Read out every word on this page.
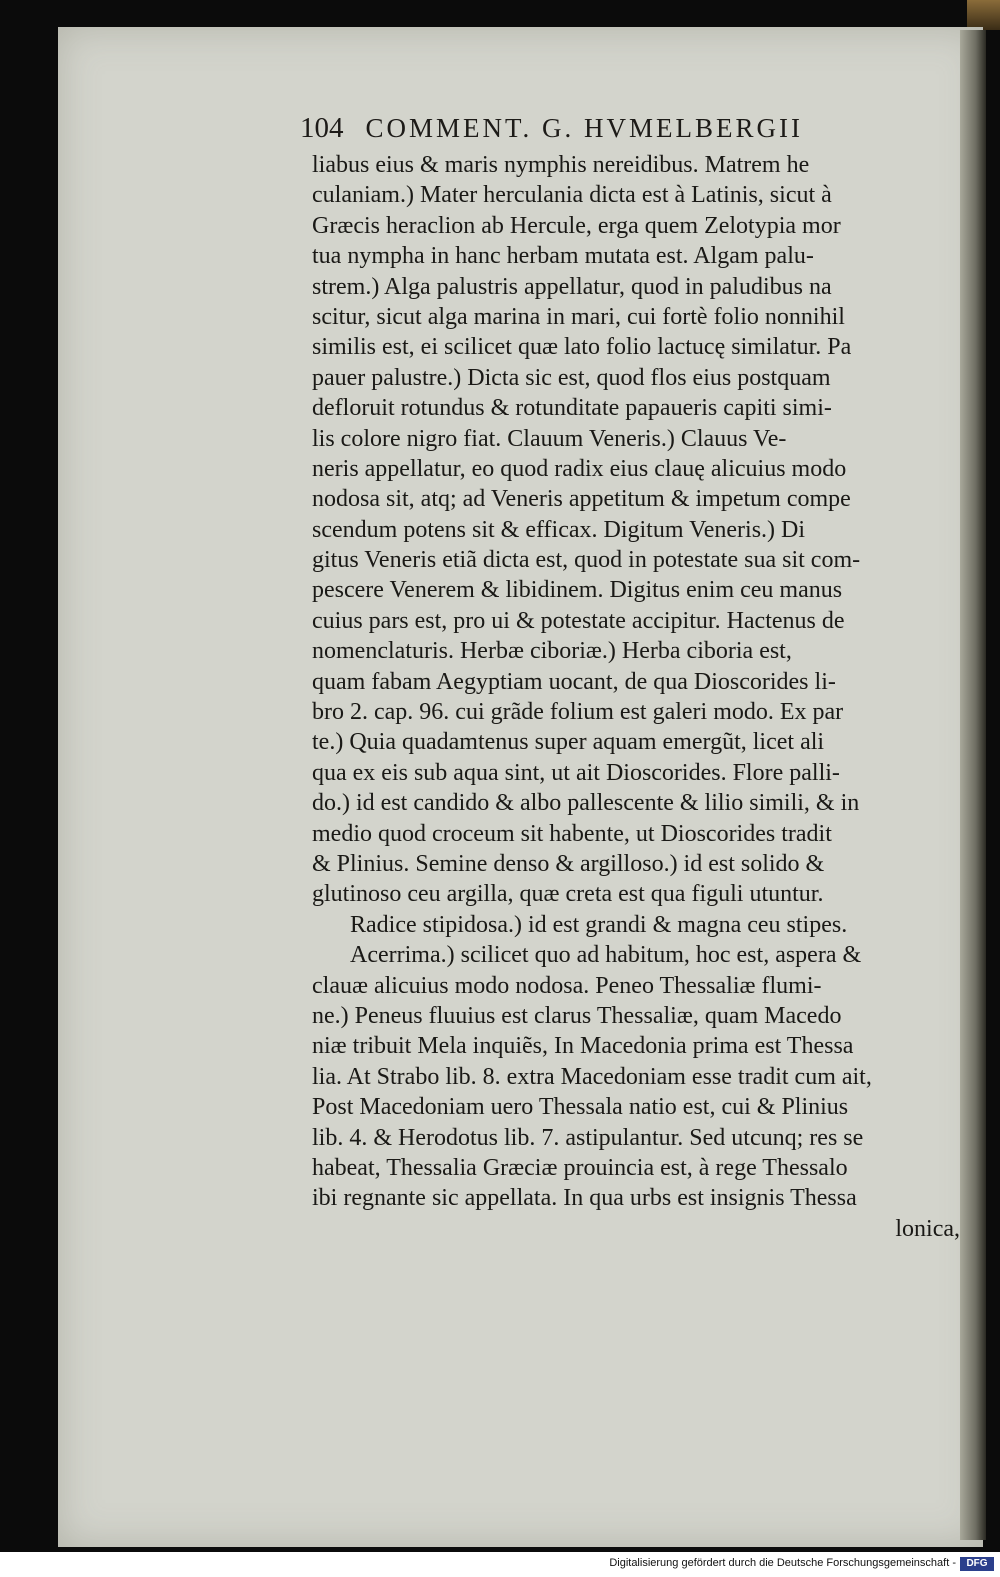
104 COMMENT. G. HVMELBERGII
liabus eius & maris nymphis nereidibus. Matrem he
culaniam.) Mater herculania dicta est à Latinis, sicut à
Græcis heraclion ab Hercule, erga quem Zelotypia mor
tua nympha in hanc herbam mutata est. Algam palu-
strem.) Alga palustris appellatur, quod in paludibus na
scitur, sicut alga marina in mari, cui fortè folio nonnihil
similis est, ei scilicet quæ lato folio lactucę similatur. Pa
pauer palustre.) Dicta sic est, quod flos eius postquam
defloruit rotundus & rotunditate papaueris capiti simi-
lis colore nigro fiat. Clauum Veneris.) Clauus Ve-
neris appellatur, eo quod radix eius clauę alicuius modo
nodosa sit, atq; ad Veneris appetitum & impetum compe
scendum potens sit & efficax. Digitum Veneris.) Di
gitus Veneris etiã dicta est, quod in potestate sua sit com-
pescere Venerem & libidinem. Digitus enim ceu manus
cuius pars est, pro ui & potestate accipitur. Hactenus de
nomenclaturis. Herbæ ciboriæ.) Herba ciboria est,
quam fabam Aegyptiam uocant, de qua Dioscorides li-
bro 2. cap. 96. cui grãde folium est galeri modo. Ex par
te.) Quia quadamtenus super aquam emergũt, licet ali
qua ex eis sub aqua sint, ut ait Dioscorides. Flore palli-
do.) id est candido & albo pallescente & lilio simili, & in
medio quod croceum sit habente, ut Dioscorides tradit
& Plinius. Semine denso & argilloso.) id est solido &
glutinoso ceu argilla, quæ creta est qua figuli utuntur.
Radice stipidosa.) id est grandi & magna ceu stipes.
Acerrima.) scilicet quo ad habitum, hoc est, aspera &
clauæ alicuius modo nodosa. Peneo Thessaliæ flumi-
ne.) Peneus fluuius est clarus Thessaliæ, quam Macedo
niæ tribuit Mela inquiẽs, In Macedonia prima est Thessa
lia. At Strabo lib. 8. extra Macedoniam esse tradit cum ait,
Post Macedoniam uero Thessala natio est, cui & Plinius
lib. 4. & Herodotus lib. 7. astipulantur. Sed utcunq; res se
habeat, Thessalia Græciæ prouincia est, à rege Thessalo
ibi regnante sic appellata. In qua urbs est insignis Thessa
lonica,
Digitalisierung gefördert durch die Deutsche Forschungsgemeinschaft -	DFG
